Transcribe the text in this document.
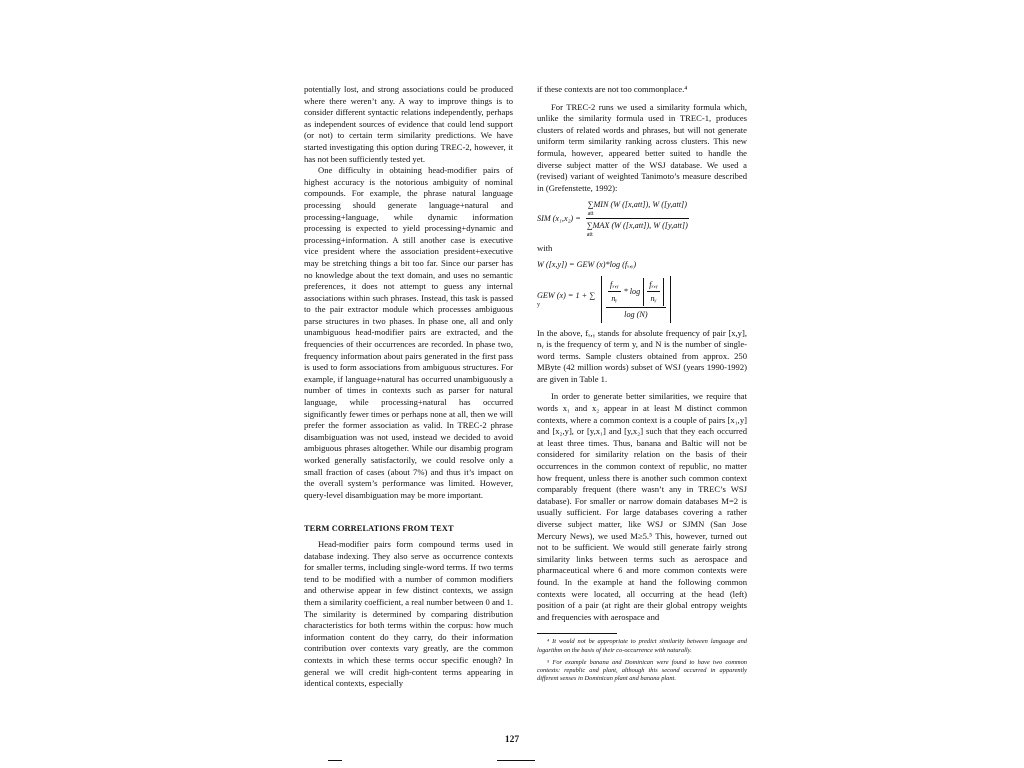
potentially lost, and strong associations could be produced where there weren’t any. A way to improve things is to consider different syntactic relations independently, perhaps as independent sources of evidence that could lend support (or not) to certain term similarity predictions. We have started investigating this option during TREC-2, however, it has not been sufficiently tested yet.

One difficulty in obtaining head-modifier pairs of highest accuracy is the notorious ambiguity of nominal compounds. For example, the phrase natural language processing should generate language+natural and processing+language, while dynamic information processing is expected to yield processing+dynamic and processing+information. A still another case is executive vice president where the association president+executive may be stretching things a bit too far. Since our parser has no knowledge about the text domain, and uses no semantic preferences, it does not attempt to guess any internal associations within such phrases. Instead, this task is passed to the pair extractor module which processes ambiguous parse structures in two phases. In phase one, all and only unambiguous head-modifier pairs are extracted, and the frequencies of their occurrences are recorded. In phase two, frequency information about pairs generated in the first pass is used to form associations from ambiguous structures. For example, if language+natural has occurred unambiguously a number of times in contexts such as parser for natural language, while processing+natural has occurred significantly fewer times or perhaps none at all, then we will prefer the former association as valid. In TREC-2 phrase disambiguation was not used, instead we decided to avoid ambiguous phrases altogether. While our disambig program worked generally satisfactorily, we could resolve only a small fraction of cases (about 7%) and thus it’s impact on the overall system’s performance was limited. However, query-level disambiguation may be more important.

TERM CORRELATIONS FROM TEXT

Head-modifier pairs form compound terms used in database indexing. They also serve as occurrence contexts for smaller terms, including single-word terms. If two terms tend to be modified with a number of common modifiers and otherwise appear in few distinct contexts, we assign them a similarity coefficient, a real number between 0 and 1. The similarity is determined by comparing distribution characteristics for both terms within the corpus: how much information content do they carry, do their information contribution over contexts vary greatly, are the common contexts in which these terms occur specific enough? In general we will credit high-content terms appearing in identical contexts, especially

if these contexts are not too commonplace.⁴

For TREC-2 runs we used a similarity formula which, unlike the similarity formula used in TREC-1, produces clusters of related words and phrases, but will not generate uniform term similarity ranking across clusters. This new formula, however, appeared better suited to handle the diverse subject matter of the WSJ database. We used a (revised) variant of weighted Tanimoto’s measure described in (Grefenstette, 1992):

SIM (x₁,x₂) = ∑MIN (W ([x,att]), W ([y,att])
att
∑MAX (W ([x,att]), W ([y,att])
att

with

W ([x,y]) = GEW (x)*log (fₓ,ᵧ)
GEW (x) = 1 + ∑
y	$\frac{\text{fₓ,ᵧ}}{\text{nᵧ}}$ * $\log \frac{\text{fₓ,ᵧ}}{\text{nᵧ}}$
log (N)

In the above, fₓ,ᵧ stands for absolute frequency of pair [x,y], nᵧ is the frequency of term y, and N is the number of single-word terms. Sample clusters obtained from approx. 250 MByte (42 million words) subset of WSJ (years 1990-1992) are given in Table 1.

In order to generate better similarities, we require that words x₁ and x₂ appear in at least M distinct common contexts, where a common context is a couple of pairs [x₁,y] and [x₂,y], or [y,x₁] and [y,x₂] such that they each occurred at least three times. Thus, banana and Baltic will not be considered for similarity relation on the basis of their occurrences in the common context of republic, no matter how frequent, unless there is another such common context comparably frequent (there wasn’t any in TREC’s WSJ database). For smaller or narrow domain databases M=2 is usually sufficient. For large databases covering a rather diverse subject matter, like WSJ or SJMN (San Jose Mercury News), we used M≥5.⁵ This, however, turned out not to be sufficient. We would still generate fairly strong similarity links between terms such as aerospace and pharmaceutical where 6 and more common contexts were found. In the example at hand the following common contexts were located, all occurring at the head (left) position of a pair (at right are their global entropy weights and frequencies with aerospace and

⁴ It would not be appropriate to predict similarity between language and logarithm on the basis of their co-occurrence with naturally.
⁵ For example banana and Dominican were found to have two common contexts: republic and plant, although this second occurred in apparently different senses in Dominican plant and banana plant.
127
